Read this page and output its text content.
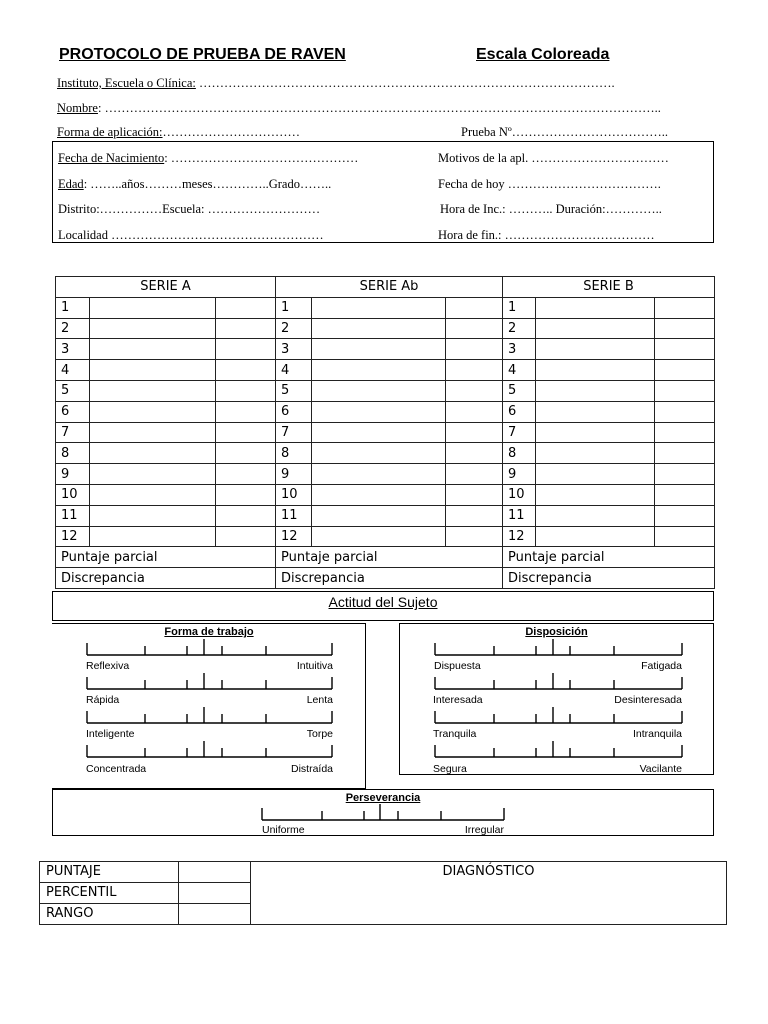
PROTOCOLO DE PRUEBA DE RAVEN	Escala Coloreada
Instituto, Escuela o Clínica: ……………………………………………………………………………………….
Nombre: ……………………………………………………………………………………………………………………..
Forma de aplicación:……………………………	Prueba Nº………………………………..
Fecha de Nacimiento: ………………………………………	Motivos de la apl. ……………………………
Edad: ……..años………meses…………..Grado……..	Fecha de hoy ……………………………….
Distrito:……………Escuela: ………………………	Hora de Inc.: ……….. Duración:…………..
Localidad ……………………………………………	Hora de fin.: ………………………………
SERIE A			SERIE Ab			SERIE B		
1			1			1		
2			2			2		
3			3			3		
4			4			4		
5			5			5		
6			6			6		
7			7			7		
8			8			8		
9			9			9		
10			10			10		
11			11			11		
12			12			12		
Puntaje parcial			Puntaje parcial			Puntaje parcial		
Discrepancia			Discrepancia			Discrepancia		
Actitud del Sujeto
Forma de trabajo	Disposición
Reflexiva	Intuitiva
Rápida	Lenta
Inteligente	Torpe
Concentrada	Distraída
Dispuesta	Fatigada
Interesada	Desinteresada
Tranquila	Intranquila
Segura	Vacilante
Perseverancia
Uniforme	Irregular
PUNTAJE		DIAGNÓSTICO
PERCENTIL		
RANGO		
